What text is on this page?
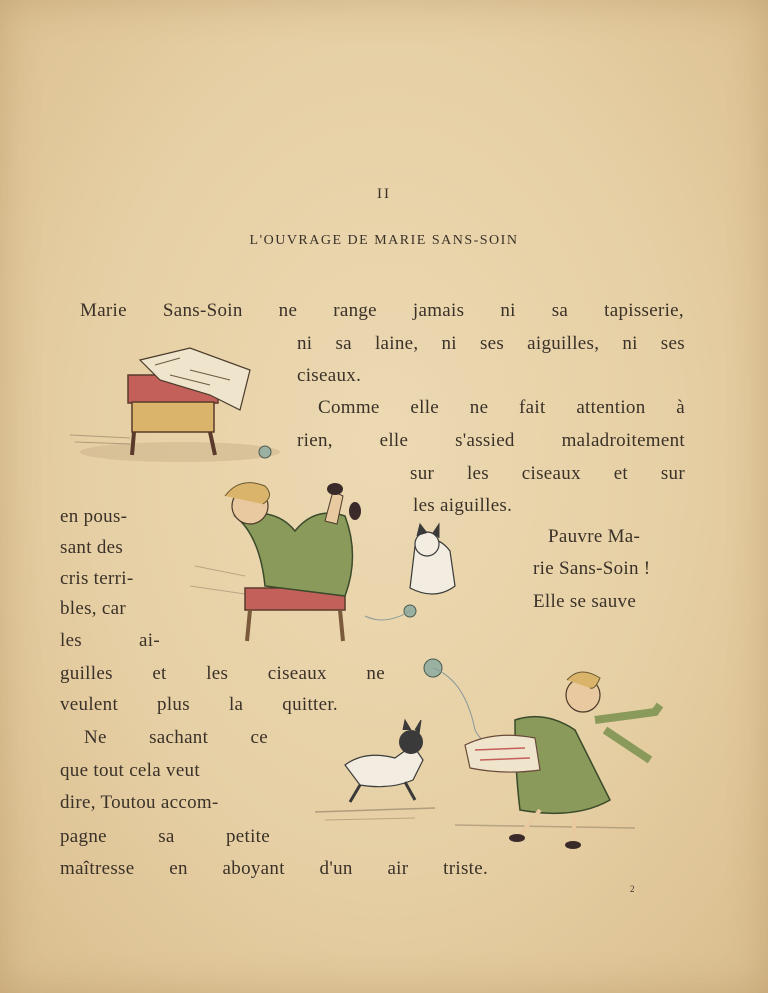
II
L'OUVRAGE DE MARIE SANS-SOIN
Marie Sans-Soin ne range jamais ni sa tapisserie,
ni sa laine, ni ses aiguilles, ni ses
ciseaux.
Comme elle ne fait attention à
rien, elle s'assied maladroitement
sur les ciseaux et sur
les aiguilles.
en pous-
sant des
cris terri-
bles, car
les	ai-
guilles et les ciseaux ne
veulent plus la quitter.
Ne sachant ce
que tout cela veut
dire, Toutou accom-
pagne	sa	petite
maîtresse en aboyant d'un air triste.
Pauvre Ma-
rie Sans-Soin !
Elle se sauve
2
